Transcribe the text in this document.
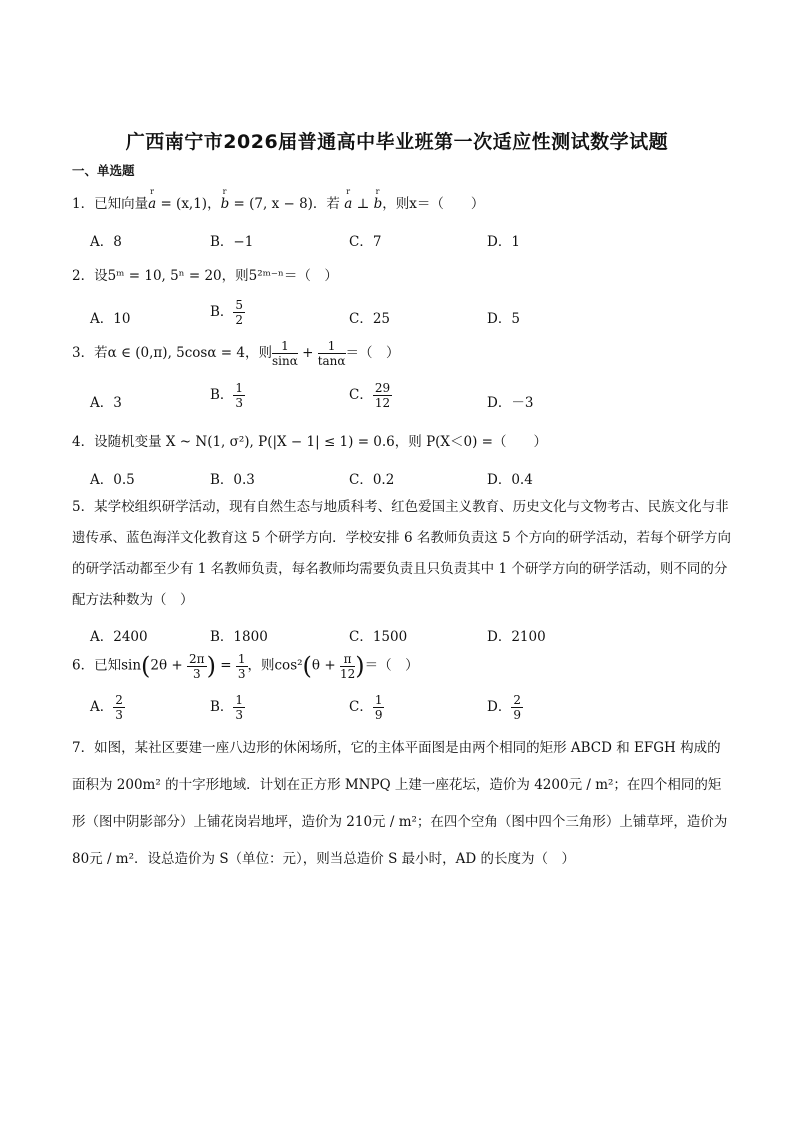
广西南宁市2026届普通高中毕业班第一次适应性测试数学试题
一、单选题
1．已知向量
r
a = (x,1)，
r
b = (7, x − 8)．若
r
a ⊥
r
b，则x＝（　　）
A．8	B．−1	C．7	D．1
2．设5ᵐ = 10, 5ⁿ = 20，则5²ᵐ⁻ⁿ＝（　）
A．10	B． $\frac{5}{2}$	C．25	D．5
3．若α ∈ (0,π), 5cosα = 4，则 $\frac{1}{\sin\alpha} + \frac{1}{\tan\alpha}$ ＝（　）
A．3	B． $\frac{1}{3}$	C． $\frac{29}{12}$	D．－3
4．设随机变量 X ~ N(1, σ²), P(|X − 1| ≤ 1) = 0.6，则 P(X＜0) =（　　）
A．0.5	B．0.3	C．0.2	D．0.4
5．某学校组织研学活动，现有自然生态与地质科考、红色爱国主义教育、历史文化与文物考古、民族文化与非遗传承、蓝色海洋文化教育这 5 个研学方向．学校安排 6 名教师负责这 5 个方向的研学活动，若每个研学方向的研学活动都至少有 1 名教师负责，每名教师均需要负责且只负责其中 1 个研学方向的研学活动，则不同的分配方法种数为（　）
A．2400	B．1800	C．1500	D．2100
6．已知$\sin(2\theta + \frac{2\pi}{3}$ ) = $\frac{1}{3}$ ，则$\cos^2(\theta + \frac{\pi}{12}$ )＝（　）
A． $\frac{2}{3}$	B． $\frac{1}{3}$	C． $\frac{1}{9}$	D． $\frac{2}{9}$
7．如图，某社区要建一座八边形的休闲场所，它的主体平面图是由两个相同的矩形 ABCD 和 EFGH 构成的面积为 200m² 的十字形地域．计划在正方形 MNPQ 上建一座花坛，造价为 4200元 / m²；在四个相同的矩形（图中阴影部分）上铺花岗岩地坪，造价为 210元 / m²；在四个空角（图中四个三角形）上铺草坪，造价为 80元 / m²．设总造价为 S（单位：元），则当总造价 S 最小时，AD 的长度为（　）
